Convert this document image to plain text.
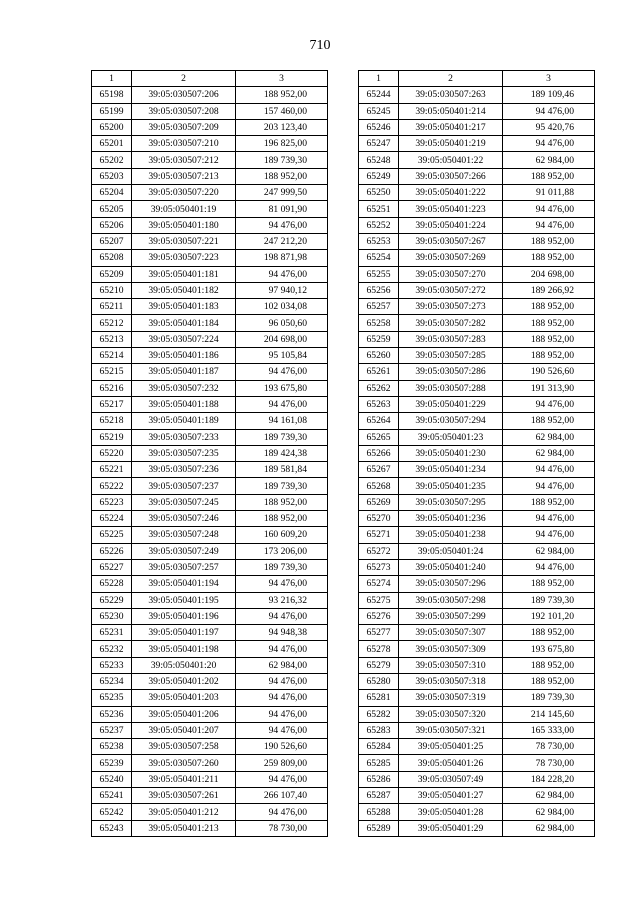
710
1	2	3
65198	39:05:030507:206	188 952,00
65199	39:05:030507:208	157 460,00
65200	39:05:030507:209	203 123,40
65201	39:05:030507:210	196 825,00
65202	39:05:030507:212	189 739,30
65203	39:05:030507:213	188 952,00
65204	39:05:030507:220	247 999,50
65205	39:05:050401:19	81 091,90
65206	39:05:050401:180	94 476,00
65207	39:05:030507:221	247 212,20
65208	39:05:030507:223	198 871,98
65209	39:05:050401:181	94 476,00
65210	39:05:050401:182	97 940,12
65211	39:05:050401:183	102 034,08
65212	39:05:050401:184	96 050,60
65213	39:05:030507:224	204 698,00
65214	39:05:050401:186	95 105,84
65215	39:05:050401:187	94 476,00
65216	39:05:030507:232	193 675,80
65217	39:05:050401:188	94 476,00
65218	39:05:050401:189	94 161,08
65219	39:05:030507:233	189 739,30
65220	39:05:030507:235	189 424,38
65221	39:05:030507:236	189 581,84
65222	39:05:030507:237	189 739,30
65223	39:05:030507:245	188 952,00
65224	39:05:030507:246	188 952,00
65225	39:05:030507:248	160 609,20
65226	39:05:030507:249	173 206,00
65227	39:05:030507:257	189 739,30
65228	39:05:050401:194	94 476,00
65229	39:05:050401:195	93 216,32
65230	39:05:050401:196	94 476,00
65231	39:05:050401:197	94 948,38
65232	39:05:050401:198	94 476,00
65233	39:05:050401:20	62 984,00
65234	39:05:050401:202	94 476,00
65235	39:05:050401:203	94 476,00
65236	39:05:050401:206	94 476,00
65237	39:05:050401:207	94 476,00
65238	39:05:030507:258	190 526,60
65239	39:05:030507:260	259 809,00
65240	39:05:050401:211	94 476,00
65241	39:05:030507:261	266 107,40
65242	39:05:050401:212	94 476,00
65243	39:05:050401:213	78 730,00
1	2	3
65244	39:05:030507:263	189 109,46
65245	39:05:050401:214	94 476,00
65246	39:05:050401:217	95 420,76
65247	39:05:050401:219	94 476,00
65248	39:05:050401:22	62 984,00
65249	39:05:030507:266	188 952,00
65250	39:05:050401:222	91 011,88
65251	39:05:050401:223	94 476,00
65252	39:05:050401:224	94 476,00
65253	39:05:030507:267	188 952,00
65254	39:05:030507:269	188 952,00
65255	39:05:030507:270	204 698,00
65256	39:05:030507:272	189 266,92
65257	39:05:030507:273	188 952,00
65258	39:05:030507:282	188 952,00
65259	39:05:030507:283	188 952,00
65260	39:05:030507:285	188 952,00
65261	39:05:030507:286	190 526,60
65262	39:05:030507:288	191 313,90
65263	39:05:050401:229	94 476,00
65264	39:05:030507:294	188 952,00
65265	39:05:050401:23	62 984,00
65266	39:05:050401:230	62 984,00
65267	39:05:050401:234	94 476,00
65268	39:05:050401:235	94 476,00
65269	39:05:030507:295	188 952,00
65270	39:05:050401:236	94 476,00
65271	39:05:050401:238	94 476,00
65272	39:05:050401:24	62 984,00
65273	39:05:050401:240	94 476,00
65274	39:05:030507:296	188 952,00
65275	39:05:030507:298	189 739,30
65276	39:05:030507:299	192 101,20
65277	39:05:030507:307	188 952,00
65278	39:05:030507:309	193 675,80
65279	39:05:030507:310	188 952,00
65280	39:05:030507:318	188 952,00
65281	39:05:030507:319	189 739,30
65282	39:05:030507:320	214 145,60
65283	39:05:030507:321	165 333,00
65284	39:05:050401:25	78 730,00
65285	39:05:050401:26	78 730,00
65286	39:05:030507:49	184 228,20
65287	39:05:050401:27	62 984,00
65288	39:05:050401:28	62 984,00
65289	39:05:050401:29	62 984,00
